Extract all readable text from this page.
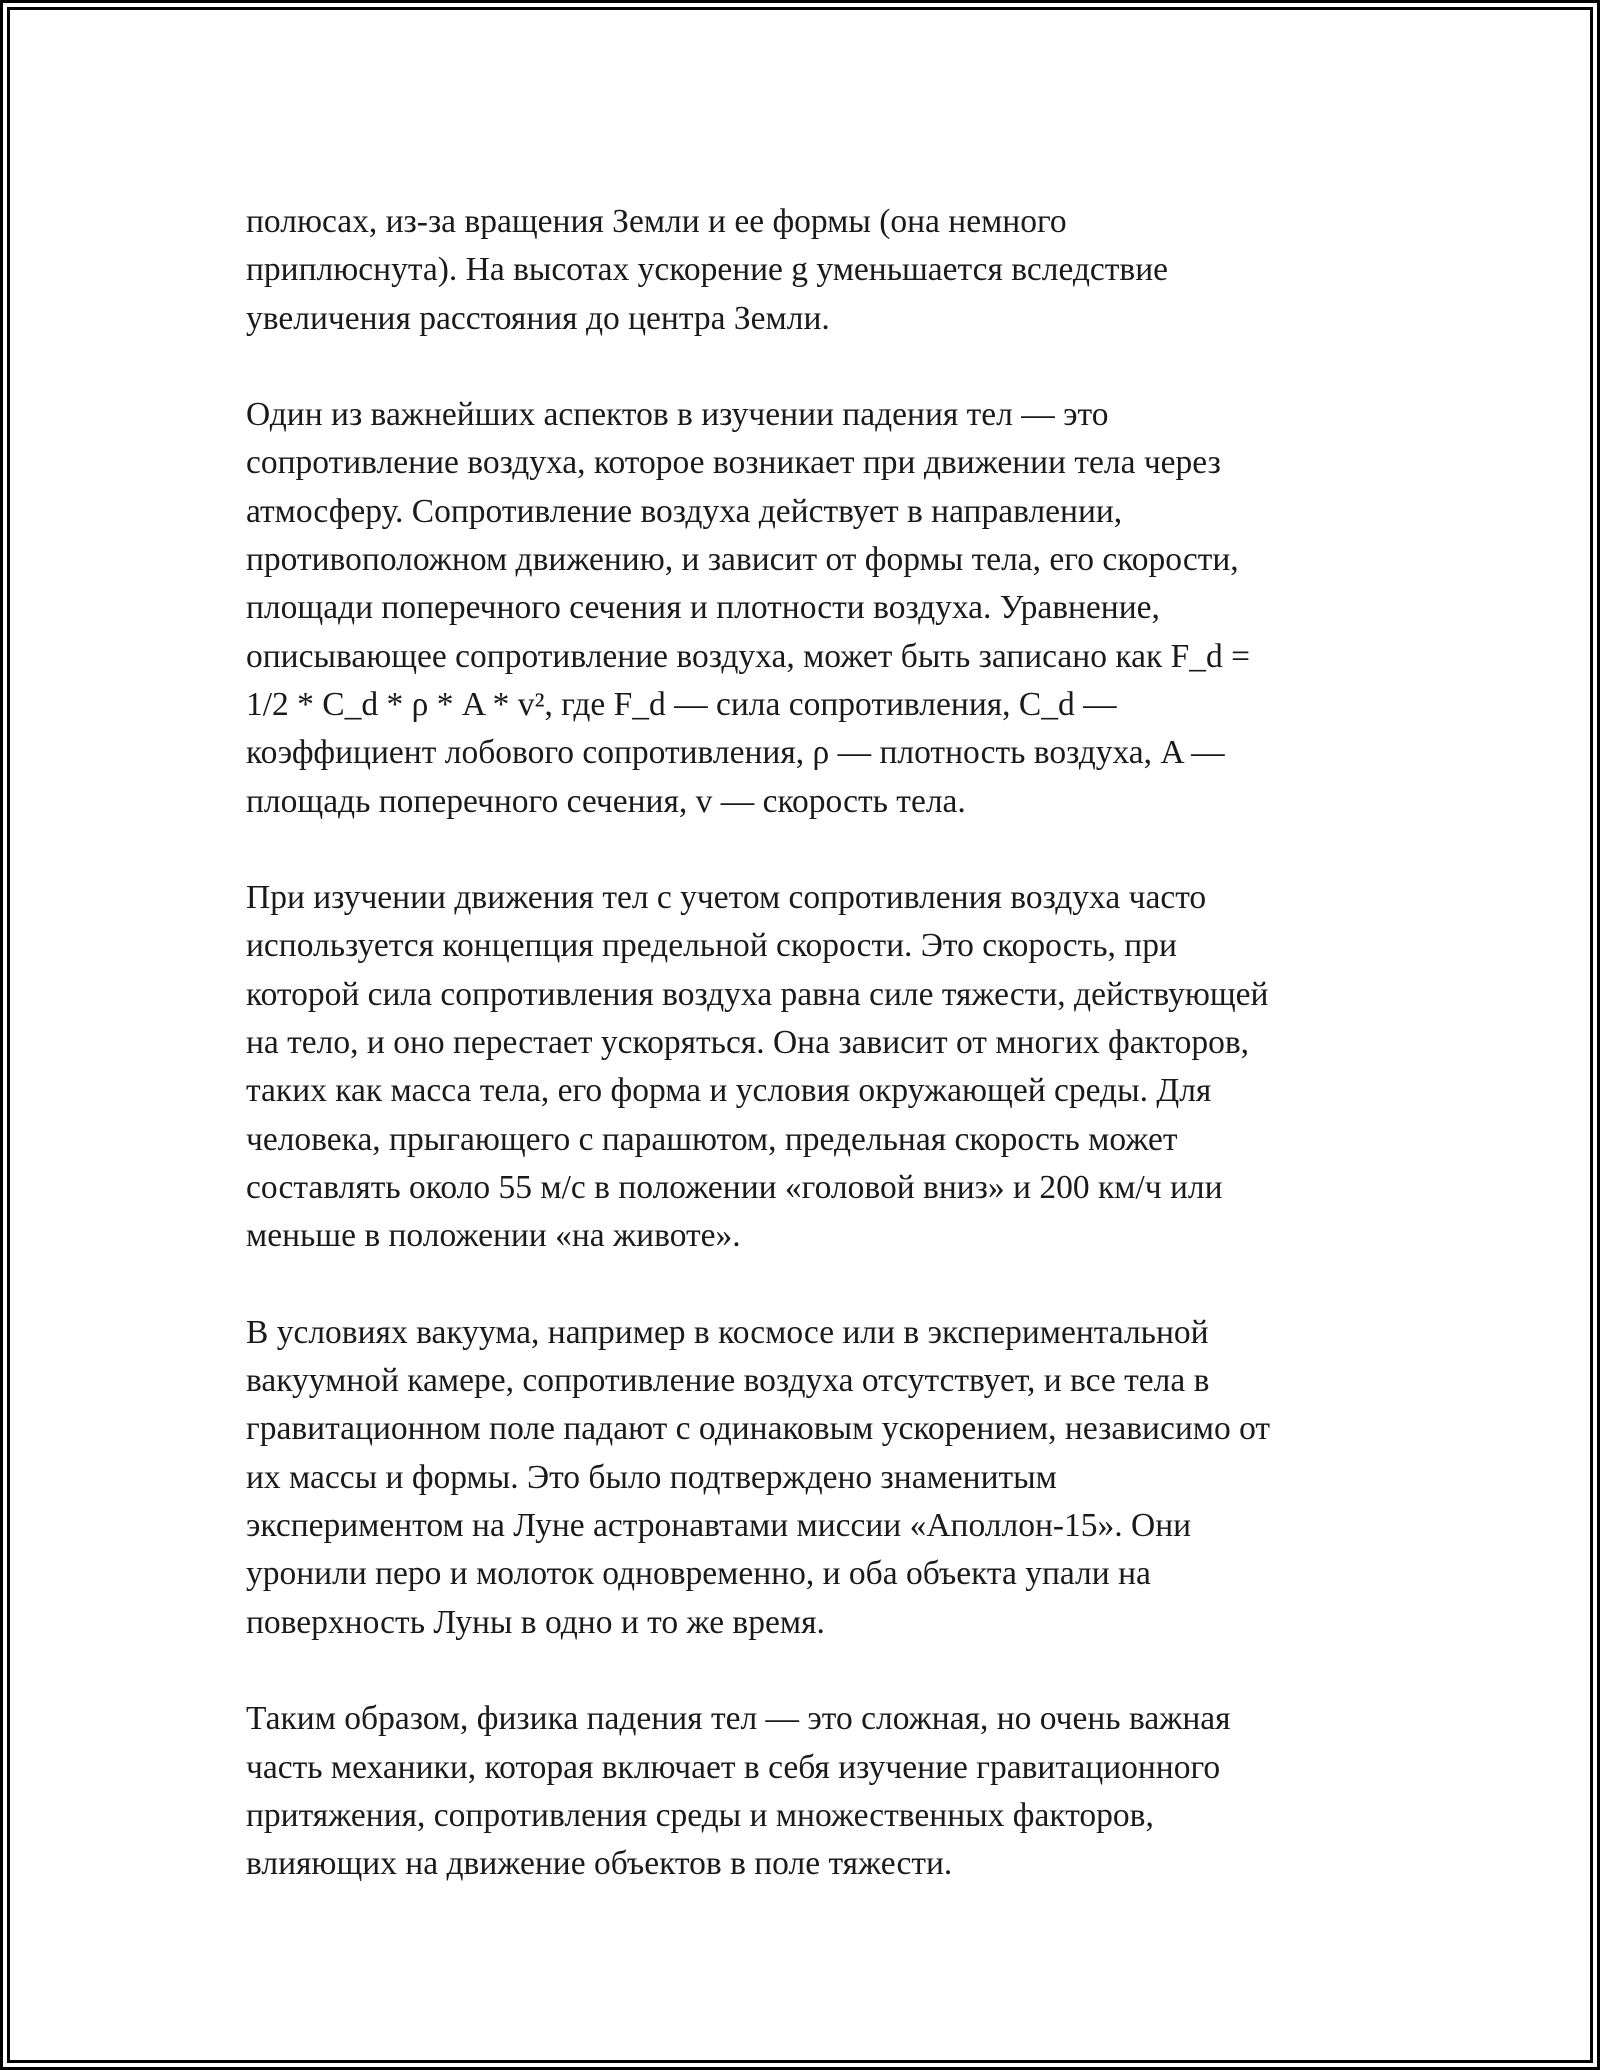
полюсах, из-за вращения Земли и ее формы (она немного
приплюснута). На высотах ускорение g уменьшается вследствие
увеличения расстояния до центра Земли.

Один из важнейших аспектов в изучении падения тел — это
сопротивление воздуха, которое возникает при движении тела через
атмосферу. Сопротивление воздуха действует в направлении,
противоположном движению, и зависит от формы тела, его скорости,
площади поперечного сечения и плотности воздуха. Уравнение,
описывающее сопротивление воздуха, может быть записано как F_d =
1/2 * C_d * ρ * A * v², где F_d — сила сопротивления, C_d —
коэффициент лобового сопротивления, ρ — плотность воздуха, A —
площадь поперечного сечения, v — скорость тела.

При изучении движения тел с учетом сопротивления воздуха часто
используется концепция предельной скорости. Это скорость, при
которой сила сопротивления воздуха равна силе тяжести, действующей
на тело, и оно перестает ускоряться. Она зависит от многих факторов,
таких как масса тела, его форма и условия окружающей среды. Для
человека, прыгающего с парашютом, предельная скорость может
составлять около 55 м/с в положении «головой вниз» и 200 км/ч или
меньше в положении «на животе».

В условиях вакуума, например в космосе или в экспериментальной
вакуумной камере, сопротивление воздуха отсутствует, и все тела в
гравитационном поле падают с одинаковым ускорением, независимо от
их массы и формы. Это было подтверждено знаменитым
экспериментом на Луне астронавтами миссии «Аполлон-15». Они
уронили перо и молоток одновременно, и оба объекта упали на
поверхность Луны в одно и то же время.

Таким образом, физика падения тел — это сложная, но очень важная
часть механики, которая включает в себя изучение гравитационного
притяжения, сопротивления среды и множественных факторов,
влияющих на движение объектов в поле тяжести.
